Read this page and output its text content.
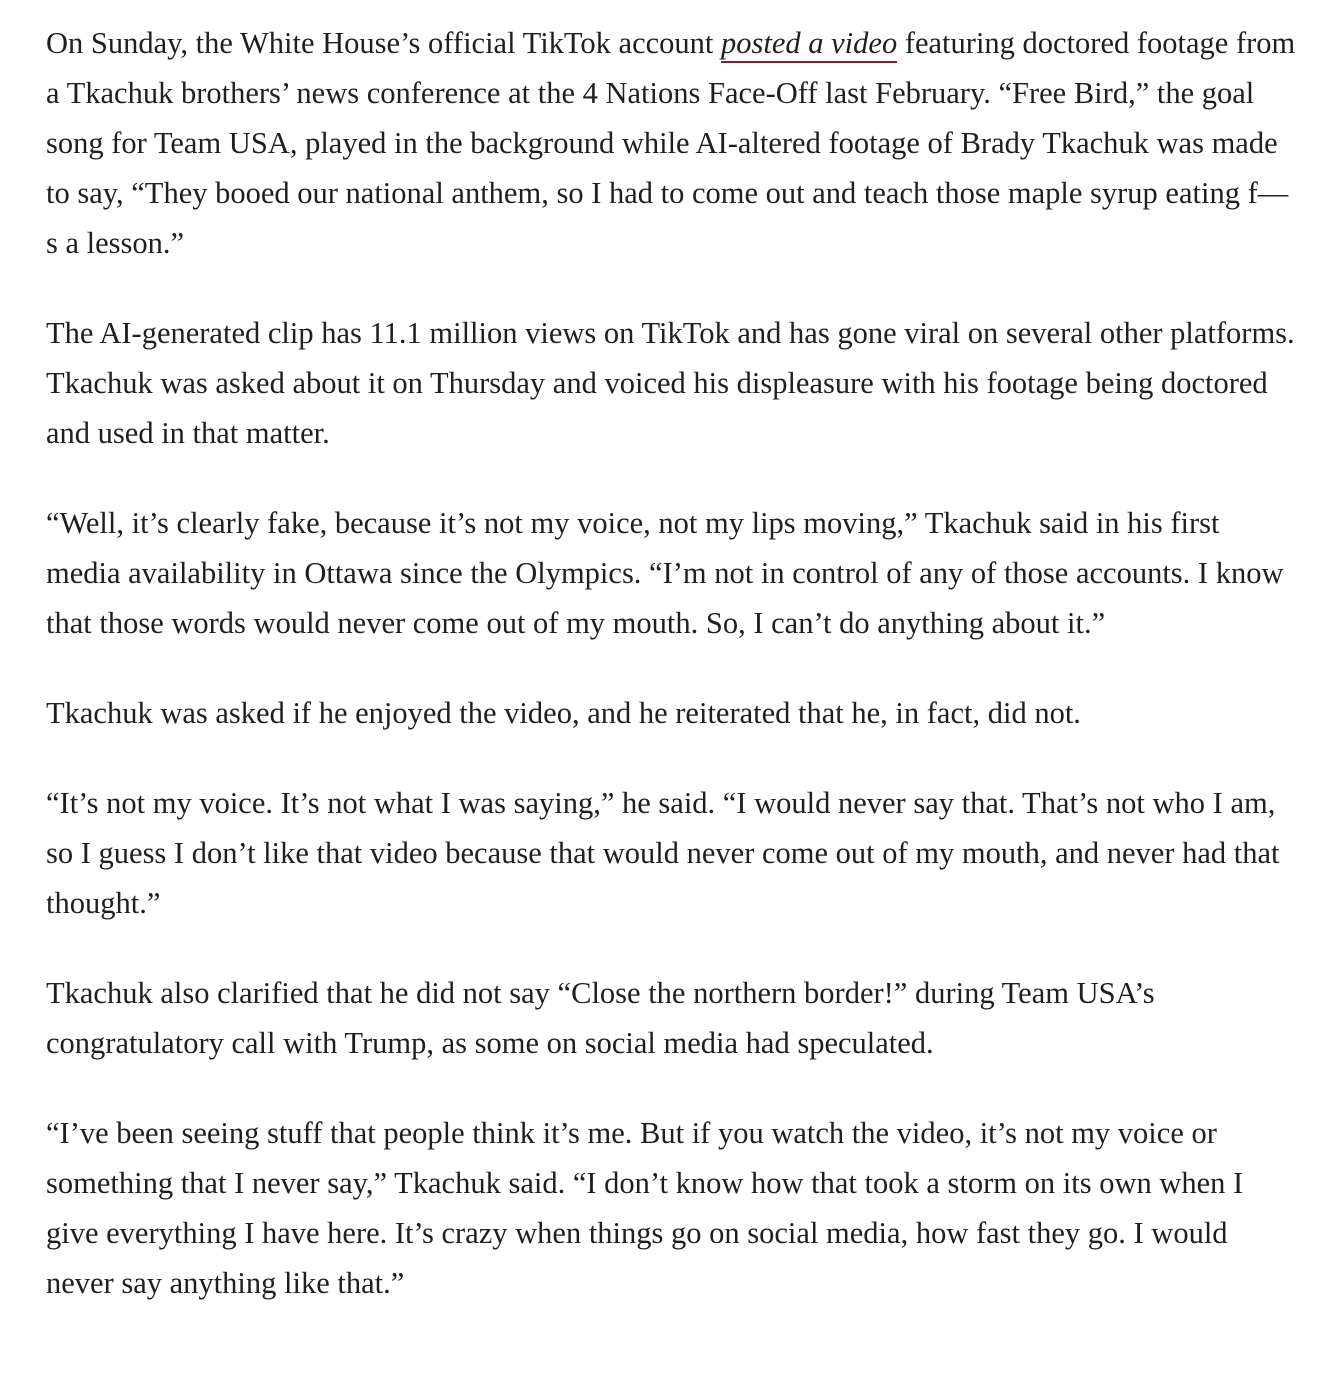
On Sunday, the White House’s official TikTok account posted a video featuring doctored footage from a Tkachuk brothers’ news conference at the 4 Nations Face-Off last February. “Free Bird,” the goal song for Team USA, played in the background while AI-altered footage of Brady Tkachuk was made to say, “They booed our national anthem, so I had to come out and teach those maple syrup eating f—s a lesson.”

The AI-generated clip has 11.1 million views on TikTok and has gone viral on several other platforms. Tkachuk was asked about it on Thursday and voiced his displeasure with his footage being doctored and used in that matter.

“Well, it’s clearly fake, because it’s not my voice, not my lips moving,” Tkachuk said in his first media availability in Ottawa since the Olympics. “I’m not in control of any of those accounts. I know that those words would never come out of my mouth. So, I can’t do anything about it.”

Tkachuk was asked if he enjoyed the video, and he reiterated that he, in fact, did not.

“It’s not my voice. It’s not what I was saying,” he said. “I would never say that. That’s not who I am, so I guess I don’t like that video because that would never come out of my mouth, and never had that thought.”

Tkachuk also clarified that he did not say “Close the northern border!” during Team USA’s congratulatory call with Trump, as some on social media had speculated.

“I’ve been seeing stuff that people think it’s me. But if you watch the video, it’s not my voice or something that I never say,” Tkachuk said. “I don’t know how that took a storm on its own when I give everything I have here. It’s crazy when things go on social media, how fast they go. I would never say anything like that.”
